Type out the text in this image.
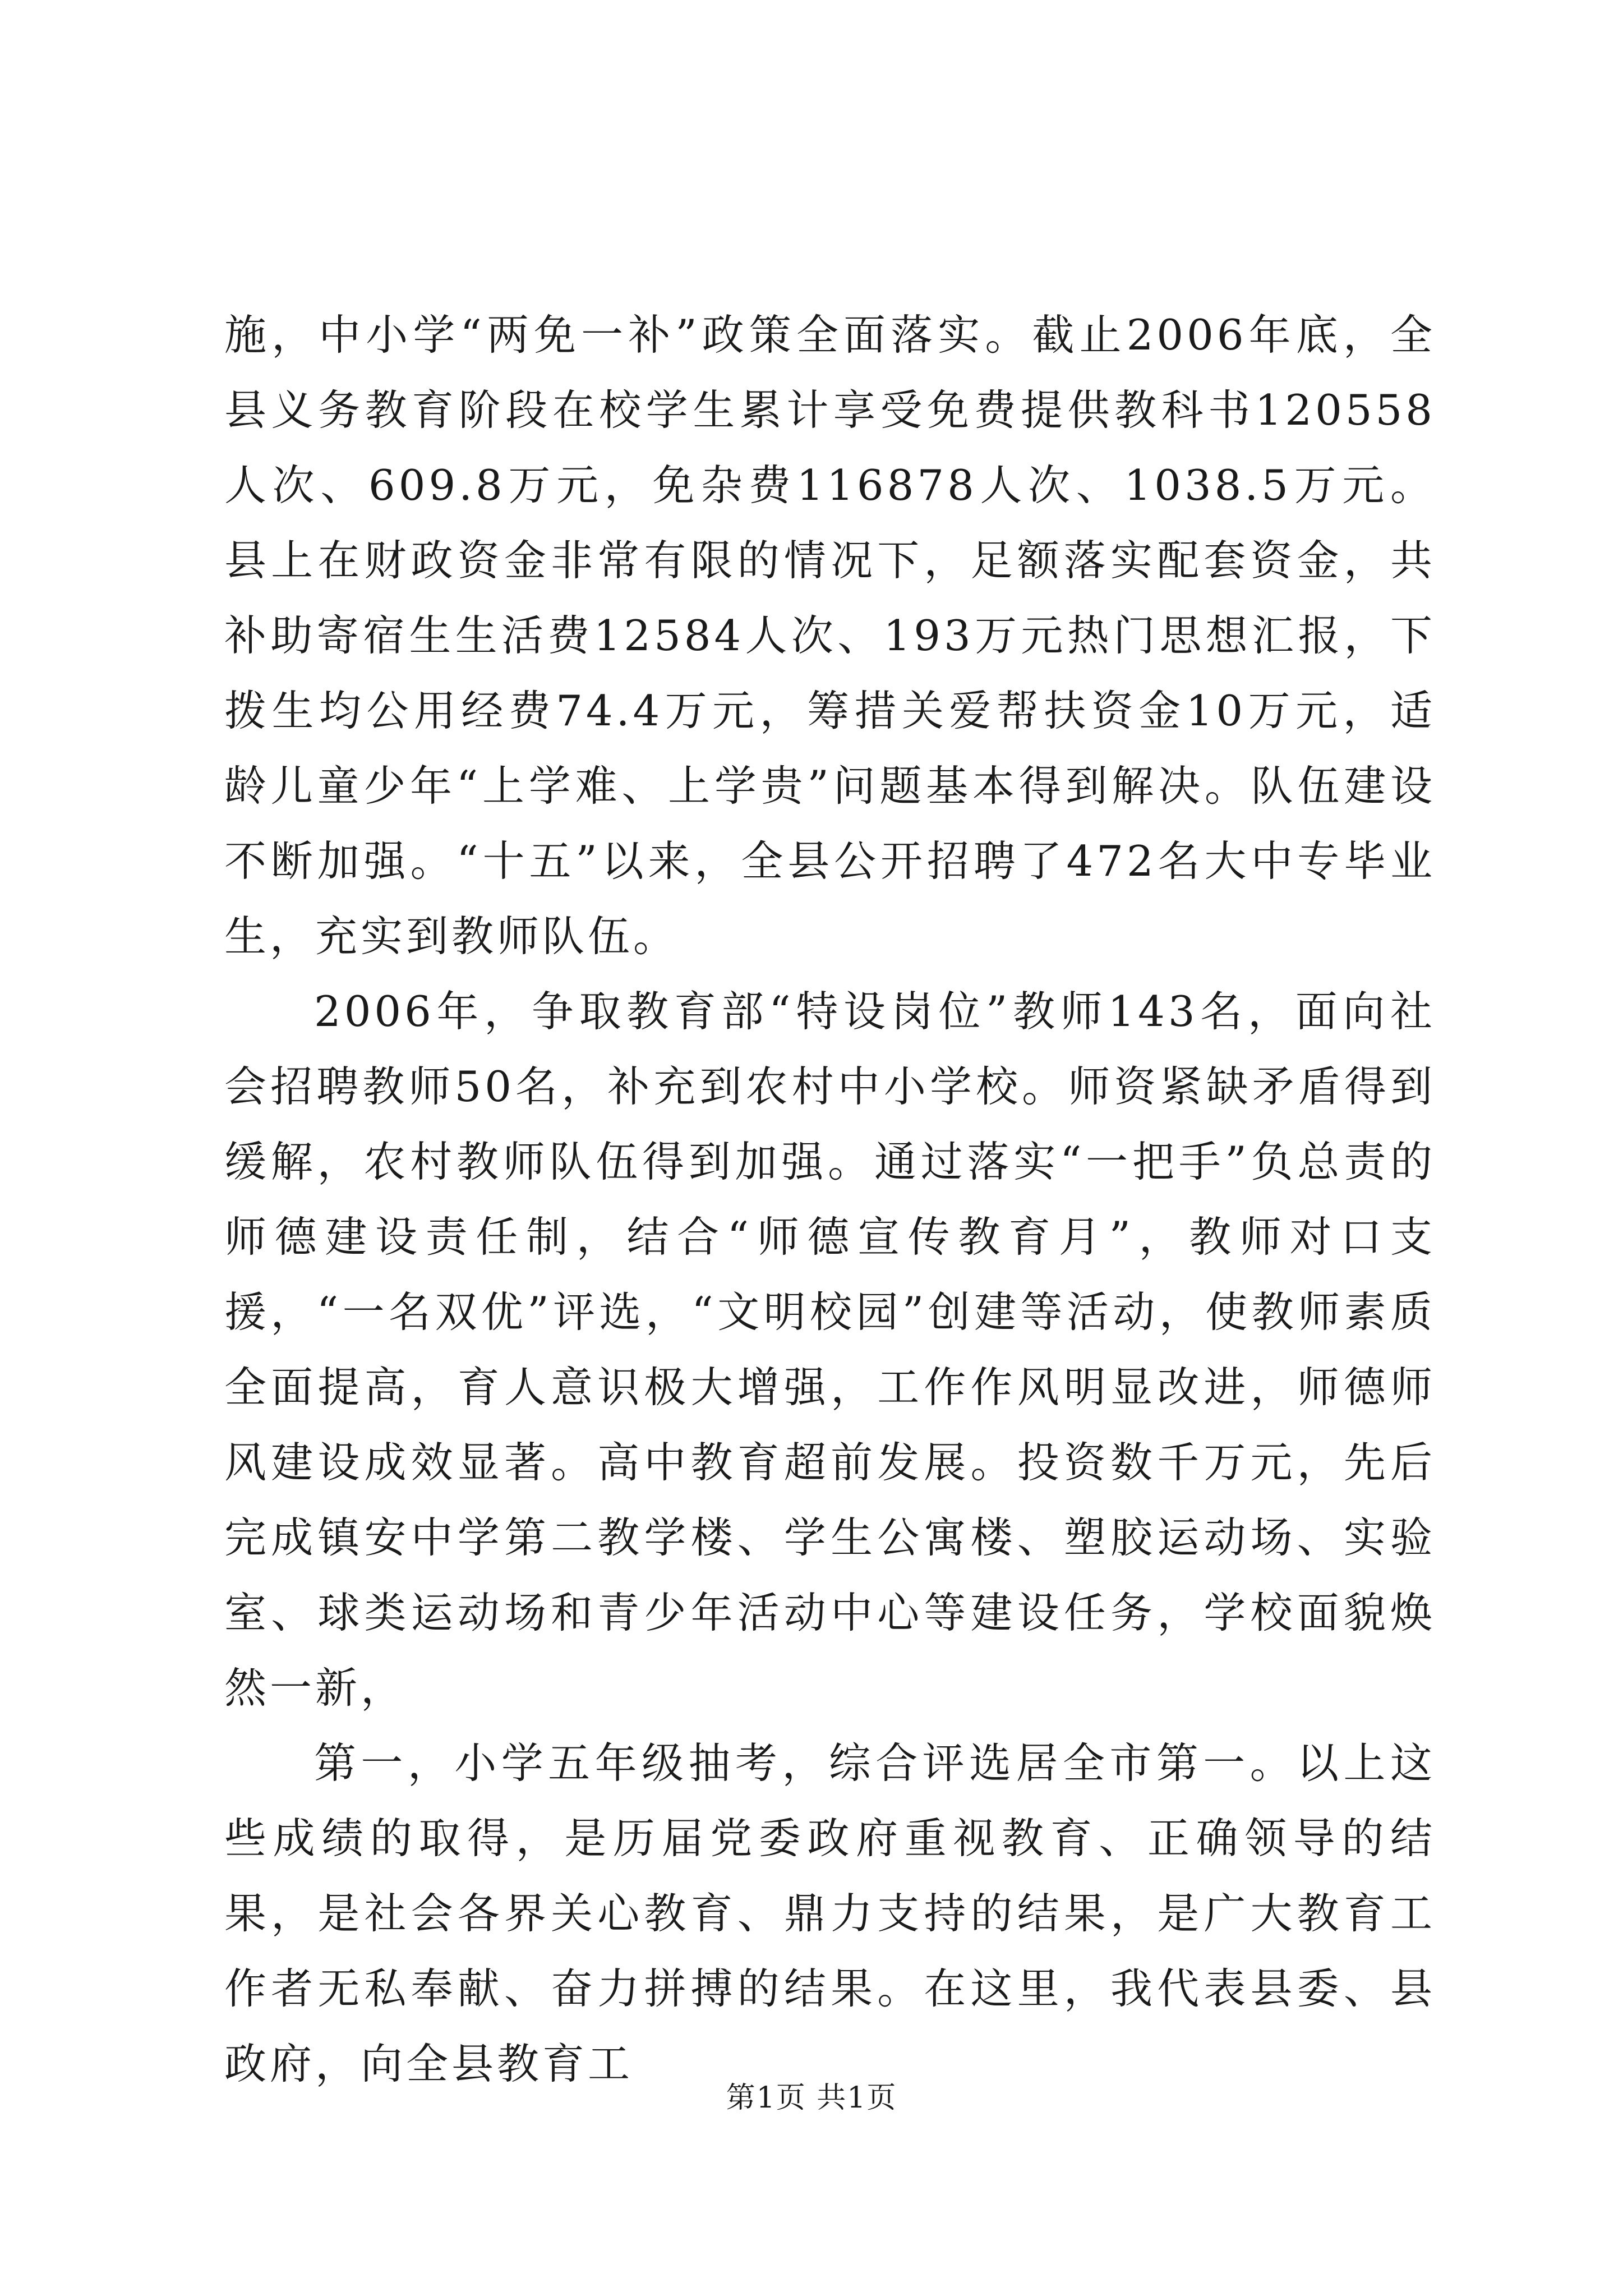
施，中小学“两免一补”政策全面落实。截止2006年底，全县义务教育阶段在校学生累计享受免费提供教科书120558人次、609.8万元，免杂费116878人次、1038.5万元。县上在财政资金非常有限的情况下，足额落实配套资金，共补助寄宿生生活费12584人次、193万元热门思想汇报，下拨生均公用经费74.4万元，筹措关爱帮扶资金10万元，适龄儿童少年“上学难、上学贵”问题基本得到解决。队伍建设不断加强。“十五”以来，全县公开招聘了472名大中专毕业生，充实到教师队伍。

2006年，争取教育部“特设岗位”教师143名，面向社会招聘教师50名，补充到农村中小学校。师资紧缺矛盾得到缓解，农村教师队伍得到加强。通过落实“一把手”负总责的师德建设责任制，结合“师德宣传教育月”，教师对口支援，“一名双优”评选，“文明校园”创建等活动，使教师素质全面提高，育人意识极大增强，工作作风明显改进，师德师风建设成效显著。高中教育超前发展。投资数千万元，先后完成镇安中学第二教学楼、学生公寓楼、塑胶运动场、实验室、球类运动场和青少年活动中心等建设任务，学校面貌焕然一新，

第一，小学五年级抽考，综合评选居全市第一。以上这些成绩的取得，是历届党委政府重视教育、正确领导的结果，是社会各界关心教育、鼎力支持的结果，是广大教育工作者无私奉献、奋力拼搏的结果。在这里，我代表县委、县政府，向全县教育工

第1页 共1页
